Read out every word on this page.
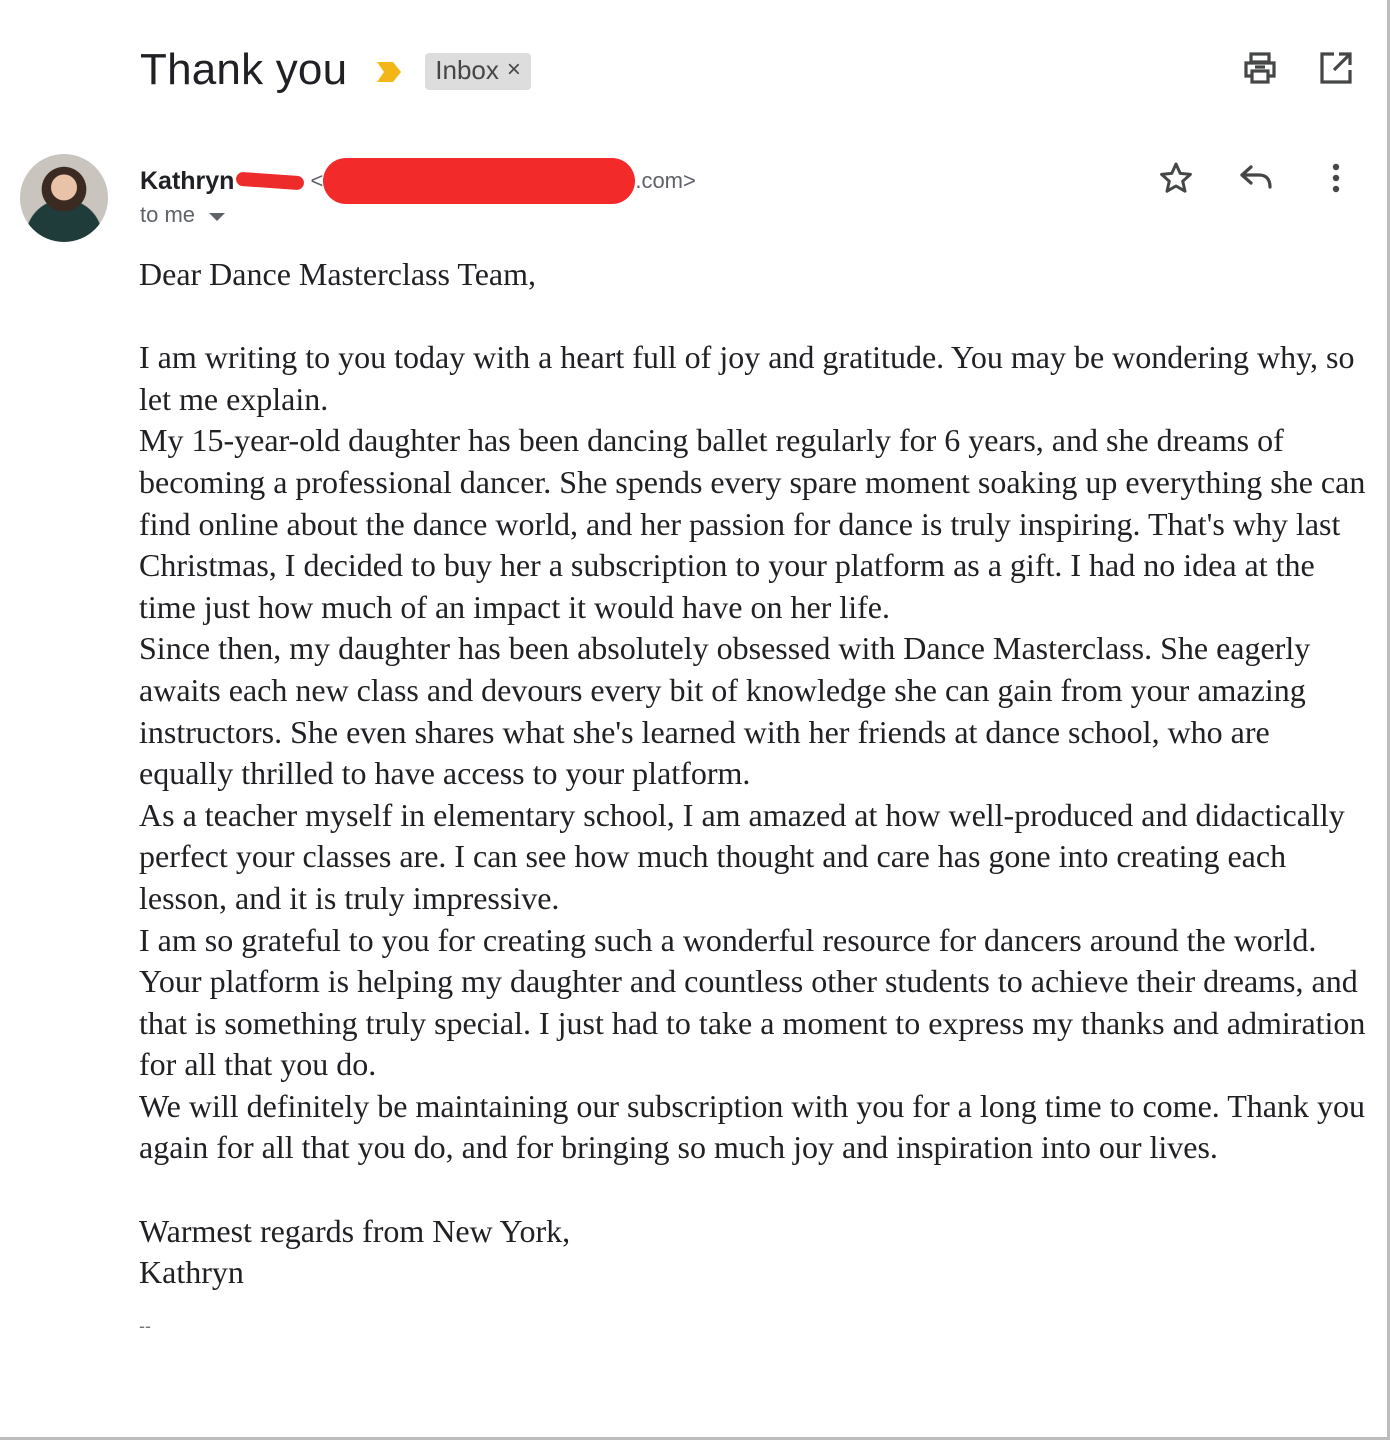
Thank you	Inbox ×
Kathryn	<	.com>
to me

Dear Dance Masterclass Team,

I am writing to you today with a heart full of joy and gratitude. You may be wondering why, so let me explain.

My 15-year-old daughter has been dancing ballet regularly for 6 years, and she dreams of becoming a professional dancer. She spends every spare moment soaking up everything she can find online about the dance world, and her passion for dance is truly inspiring. That's why last Christmas, I decided to buy her a subscription to your platform as a gift. I had no idea at the time just how much of an impact it would have on her life.

Since then, my daughter has been absolutely obsessed with Dance Masterclass. She eagerly awaits each new class and devours every bit of knowledge she can gain from your amazing instructors. She even shares what she's learned with her friends at dance school, who are equally thrilled to have access to your platform.

As a teacher myself in elementary school, I am amazed at how well-produced and didactically perfect your classes are. I can see how much thought and care has gone into creating each lesson, and it is truly impressive.

I am so grateful to you for creating such a wonderful resource for dancers around the world. Your platform is helping my daughter and countless other students to achieve their dreams, and that is something truly special. I just had to take a moment to express my thanks and admiration for all that you do.

We will definitely be maintaining our subscription with you for a long time to come. Thank you again for all that you do, and for bringing so much joy and inspiration into our lives.

Warmest regards from New York,

Kathryn

--
